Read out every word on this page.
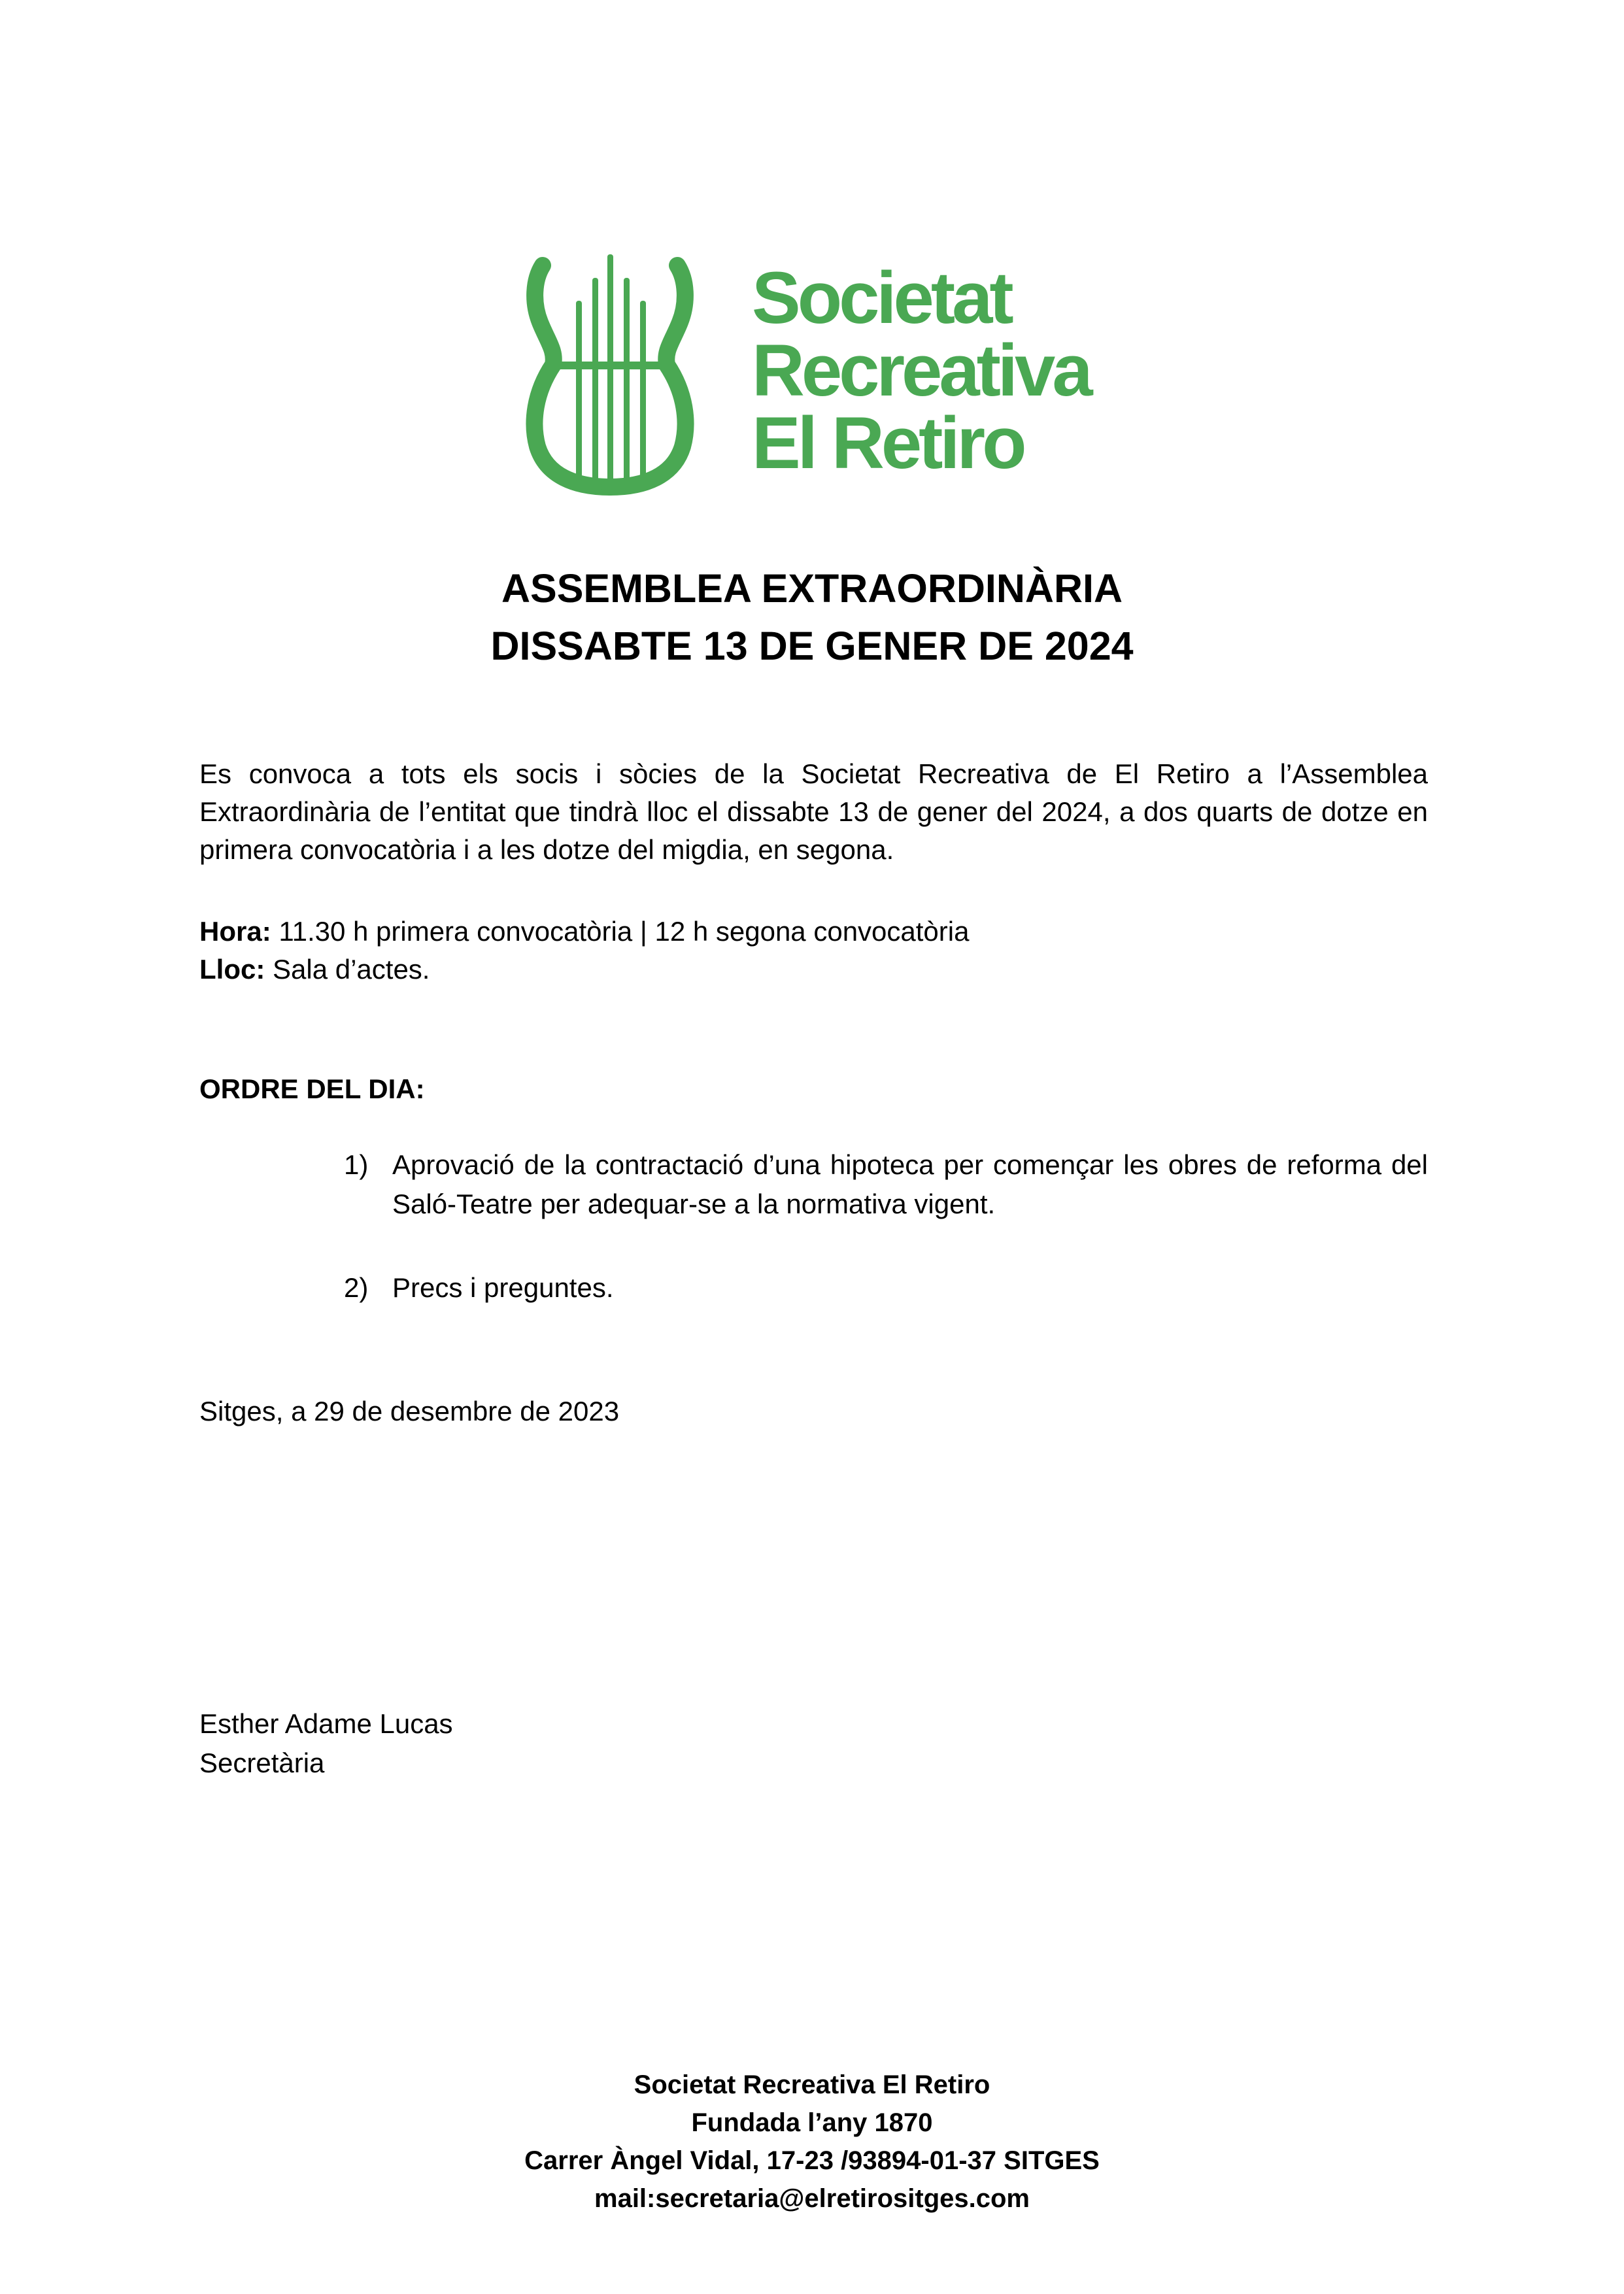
Societat
Recreativa
El Retiro
ASSEMBLEA EXTRAORDINÀRIA
DISSABTE 13 DE GENER DE 2024

Es convoca a tots els socis i sòcies de la Societat Recreativa de El Retiro a l’Assemblea Extraordinària de l’entitat que tindrà lloc el dissabte 13 de gener del 2024, a dos quarts de dotze en primera convocatòria i a les dotze del migdia, en segona.

Hora: 11.30 h primera convocatòria | 12 h segona convocatòria
Lloc: Sala d’actes.
ORDRE DEL DIA:
1) Aprovació de la contractació d’una hipoteca per començar les obres de reforma del Saló-Teatre per adequar-se a la normativa vigent.
2) Precs i preguntes.
Sitges, a 29 de desembre de 2023
Esther Adame Lucas
Secretària
Societat Recreativa El Retiro
Fundada l’any 1870
Carrer Àngel Vidal, 17-23 /93894-01-37 SITGES
mail:secretaria@elretirositges.com
